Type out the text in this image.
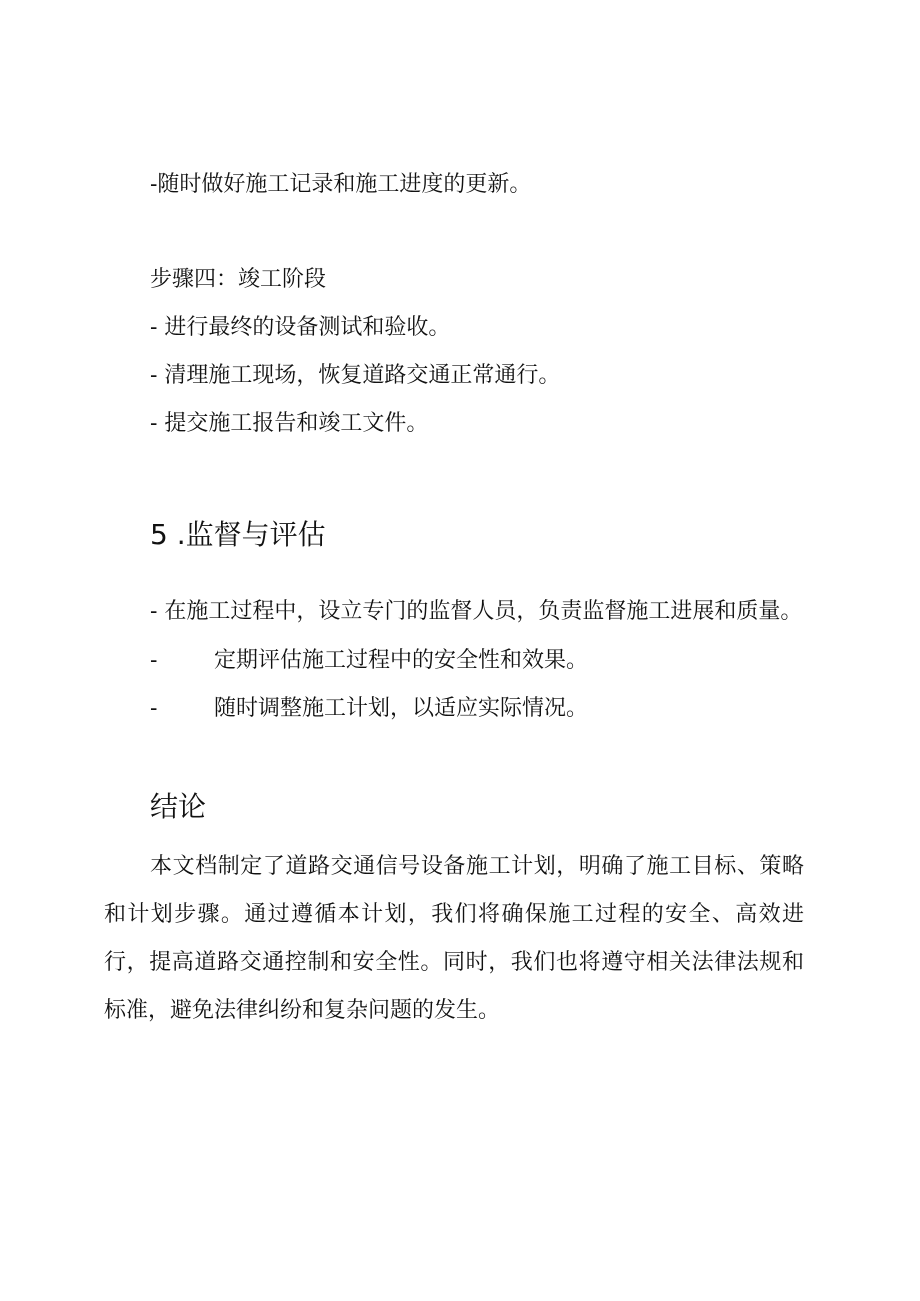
-随时做好施工记录和施工进度的更新。
步骤四：竣工阶段
- 进行最终的设备测试和验收。
- 清理施工现场，恢复道路交通正常通行。
- 提交施工报告和竣工文件。
5 .监督与评估
- 在施工过程中，设立专门的监督人员，负责监督施工进展和质量。
-	定期评估施工过程中的安全性和效果。
-	随时调整施工计划，以适应实际情况。
结论
本文档制定了道路交通信号设备施工计划，明确了施工目标、策略和计划步骤。通过遵循本计划，我们将确保施工过程的安全、高效进行，提高道路交通控制和安全性。同时，我们也将遵守相关法律法规和标准，避免法律纠纷和复杂问题的发生。
